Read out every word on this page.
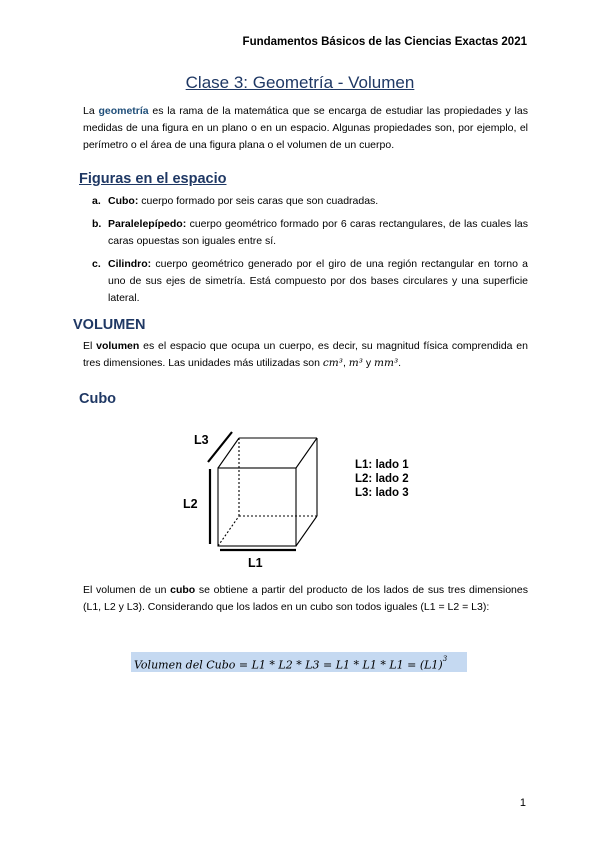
Fundamentos Básicos de las Ciencias Exactas 2021
Clase 3: Geometría - Volumen

La geometría es la rama de la matemática que se encarga de estudiar las propiedades y las medidas de una figura en un plano o en un espacio. Algunas propiedades son, por ejemplo, el perímetro o el área de una figura plana o el volumen de un cuerpo.

Figuras en el espacio
a. Cubo: cuerpo formado por seis caras que son cuadradas.
b. Paralelepípedo: cuerpo geométrico formado por 6 caras rectangulares, de las cuales las caras opuestas son iguales entre sí.
c. Cilindro: cuerpo geométrico generado por el giro de una región rectangular en torno a uno de sus ejes de simetría. Está compuesto por dos bases circulares y una superficie lateral.
VOLUMEN

El volumen es el espacio que ocupa un cuerpo, es decir, su magnitud física comprendida en tres dimensiones. Las unidades más utilizadas son cm³, m³ y mm³.

Cubo
L1
L2
L3
L1: lado 1
L2: lado 2
L3: lado 3

El volumen de un cubo se obtiene a partir del producto de los lados de sus tres dimensiones (L1, L2 y L3). Considerando que los lados en un cubo son todos iguales (L1 = L2 = L3):

Volumen del Cubo = $L1 * L2 * L3 = L1 * L1 * L1 = (L1)^3$
1
